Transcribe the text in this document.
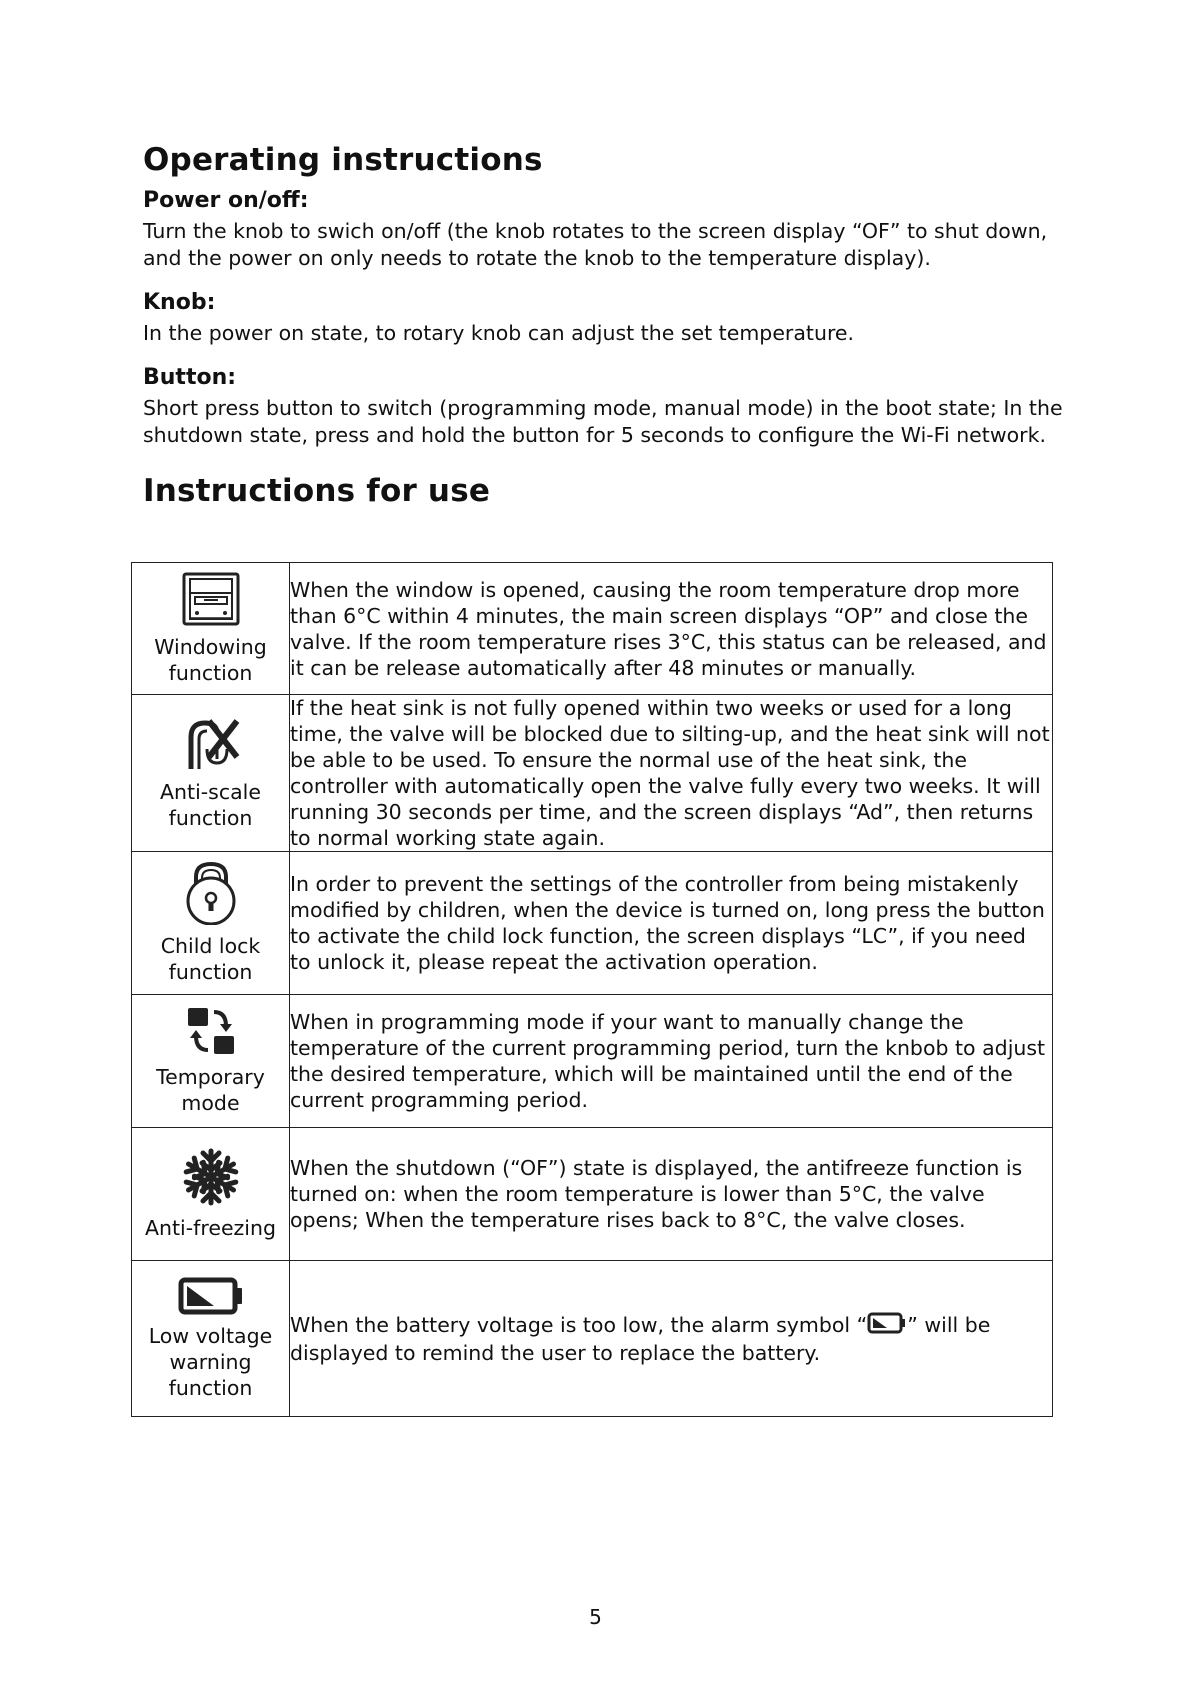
Operating instructions
Power on/off:

Turn the knob to swich on/off (the knob rotates to the screen display “OF” to shut down, and the power on only needs to rotate the knob to the temperature display).

Knob:

In the power on state, to rotary knob can adjust the set temperature.

Button:

Short press button to switch (programming mode, manual mode) in the boot state; In the shutdown state, press and hold the button for 5 seconds to configure the Wi-Fi network.

Instructions for use
Windowing function	When the window is opened, causing the room temperature drop more than 6°C within 4 minutes, the main screen displays “OP” and close the valve. If the room temperature rises 3°C, this status can be released, and it can be release automatically after 48 minutes or manually.

Anti-scale function	If the heat sink is not fully opened within two weeks or used for a long time, the valve will be blocked due to silting-up, and the heat sink will not be able to be used. To ensure the normal use of the heat sink, the controller with automatically open the valve fully every two weeks. It will running 30 seconds per time, and the screen displays “Ad”, then returns to normal working state again.

Child lock function	In order to prevent the settings of the controller from being mistakenly modified by children, when the device is turned on, long press the button to activate the child lock function, the screen displays “LC”, if you need to unlock it, please repeat the activation operation.

Temporary mode	When in programming mode if your want to manually change the temperature of the current programming period, turn the knbob to adjust the desired temperature, which will be maintained until the end of the current programming period.

Anti-freezing	When the shutdown (“OF”) state is displayed, the antifreeze function is turned on: when the room temperature is lower than 5°C, the valve opens; When the temperature rises back to 8°C, the valve closes.

Low voltage warning function	When the battery voltage is too low, the alarm symbol “ ” will be displayed to remind the user to replace the battery.
5
